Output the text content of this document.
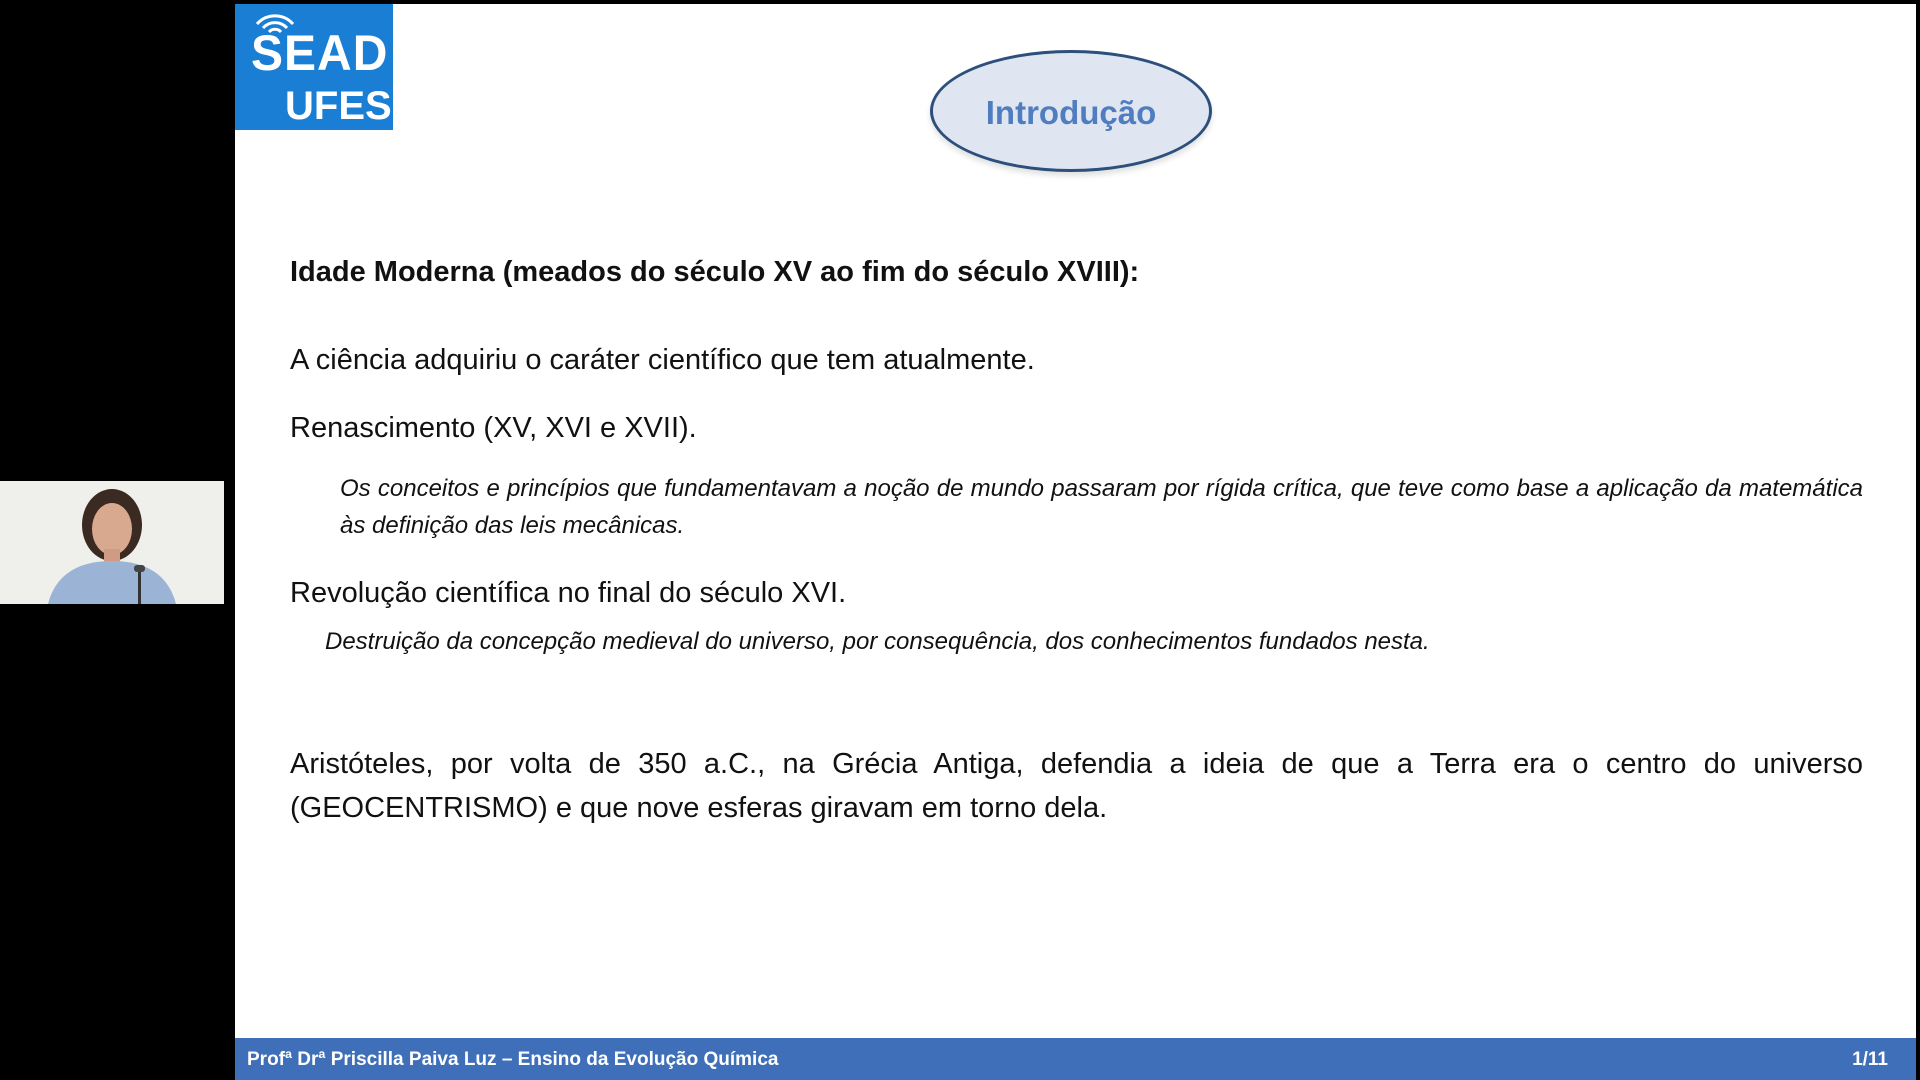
SEAD
UFES	Introdução
Idade Moderna (meados do século XV ao fim do século XVIII):
A ciência adquiriu o caráter científico que tem atualmente.
Renascimento (XV, XVI e XVII).
Os conceitos e princípios que fundamentavam a noção de mundo passaram por rígida crítica, que teve como base a aplicação da matemática às definição das leis mecânicas.
Revolução científica no final do século XVI.
Destruição da concepção medieval do universo, por consequência, dos conhecimentos fundados nesta.
Aristóteles, por volta de 350 a.C., na Grécia Antiga, defendia a ideia de que a Terra era o centro do universo (GEOCENTRISMO) e que nove esferas giravam em torno dela.
Profª Drª Priscilla Paiva Luz – Ensino da Evolução Química	1/11
